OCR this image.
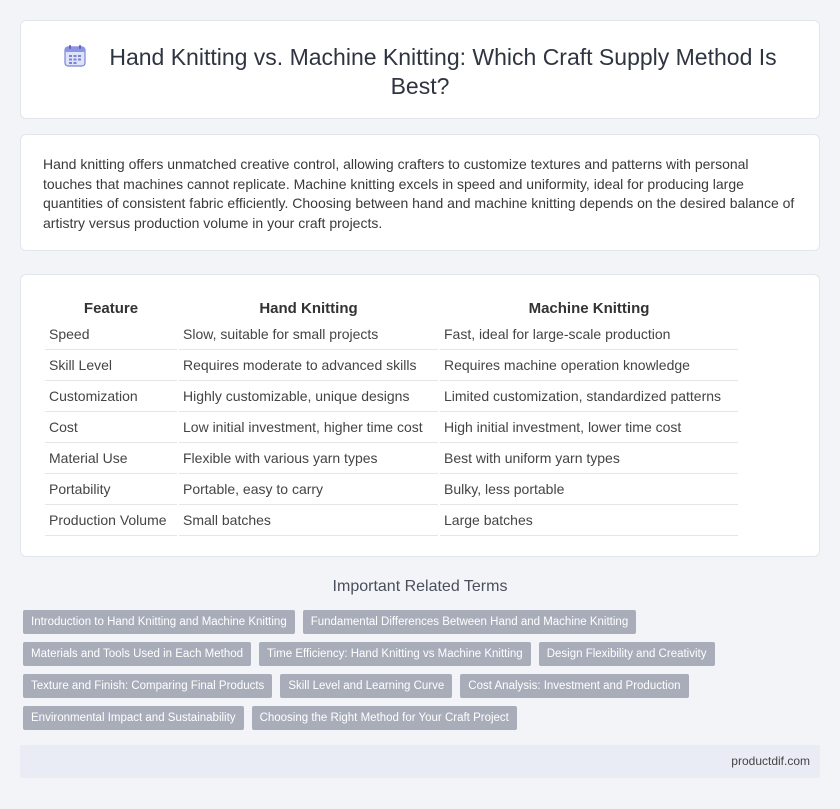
Hand Knitting vs. Machine Knitting: Which Craft Supply Method Is Best?

Hand knitting offers unmatched creative control, allowing crafters to customize textures and patterns with personal touches that machines cannot replicate. Machine knitting excels in speed and uniformity, ideal for producing large quantities of consistent fabric efficiently. Choosing between hand and machine knitting depends on the desired balance of artistry versus production volume in your craft projects.

Feature	Hand Knitting	Machine Knitting
Speed	Slow, suitable for small projects	Fast, ideal for large-scale production
Skill Level	Requires moderate to advanced skills	Requires machine operation knowledge
Customization	Highly customizable, unique designs	Limited customization, standardized patterns
Cost	Low initial investment, higher time cost	High initial investment, lower time cost
Material Use	Flexible with various yarn types	Best with uniform yarn types
Portability	Portable, easy to carry	Bulky, less portable
Production Volume	Small batches	Large batches
Important Related Terms
Introduction to Hand Knitting and Machine Knitting	Fundamental Differences Between Hand and Machine Knitting
Materials and Tools Used in Each Method	Time Efficiency: Hand Knitting vs Machine Knitting	Design Flexibility and Creativity
Texture and Finish: Comparing Final Products	Skill Level and Learning Curve	Cost Analysis: Investment and Production
Environmental Impact and Sustainability	Choosing the Right Method for Your Craft Project
productdif.com
